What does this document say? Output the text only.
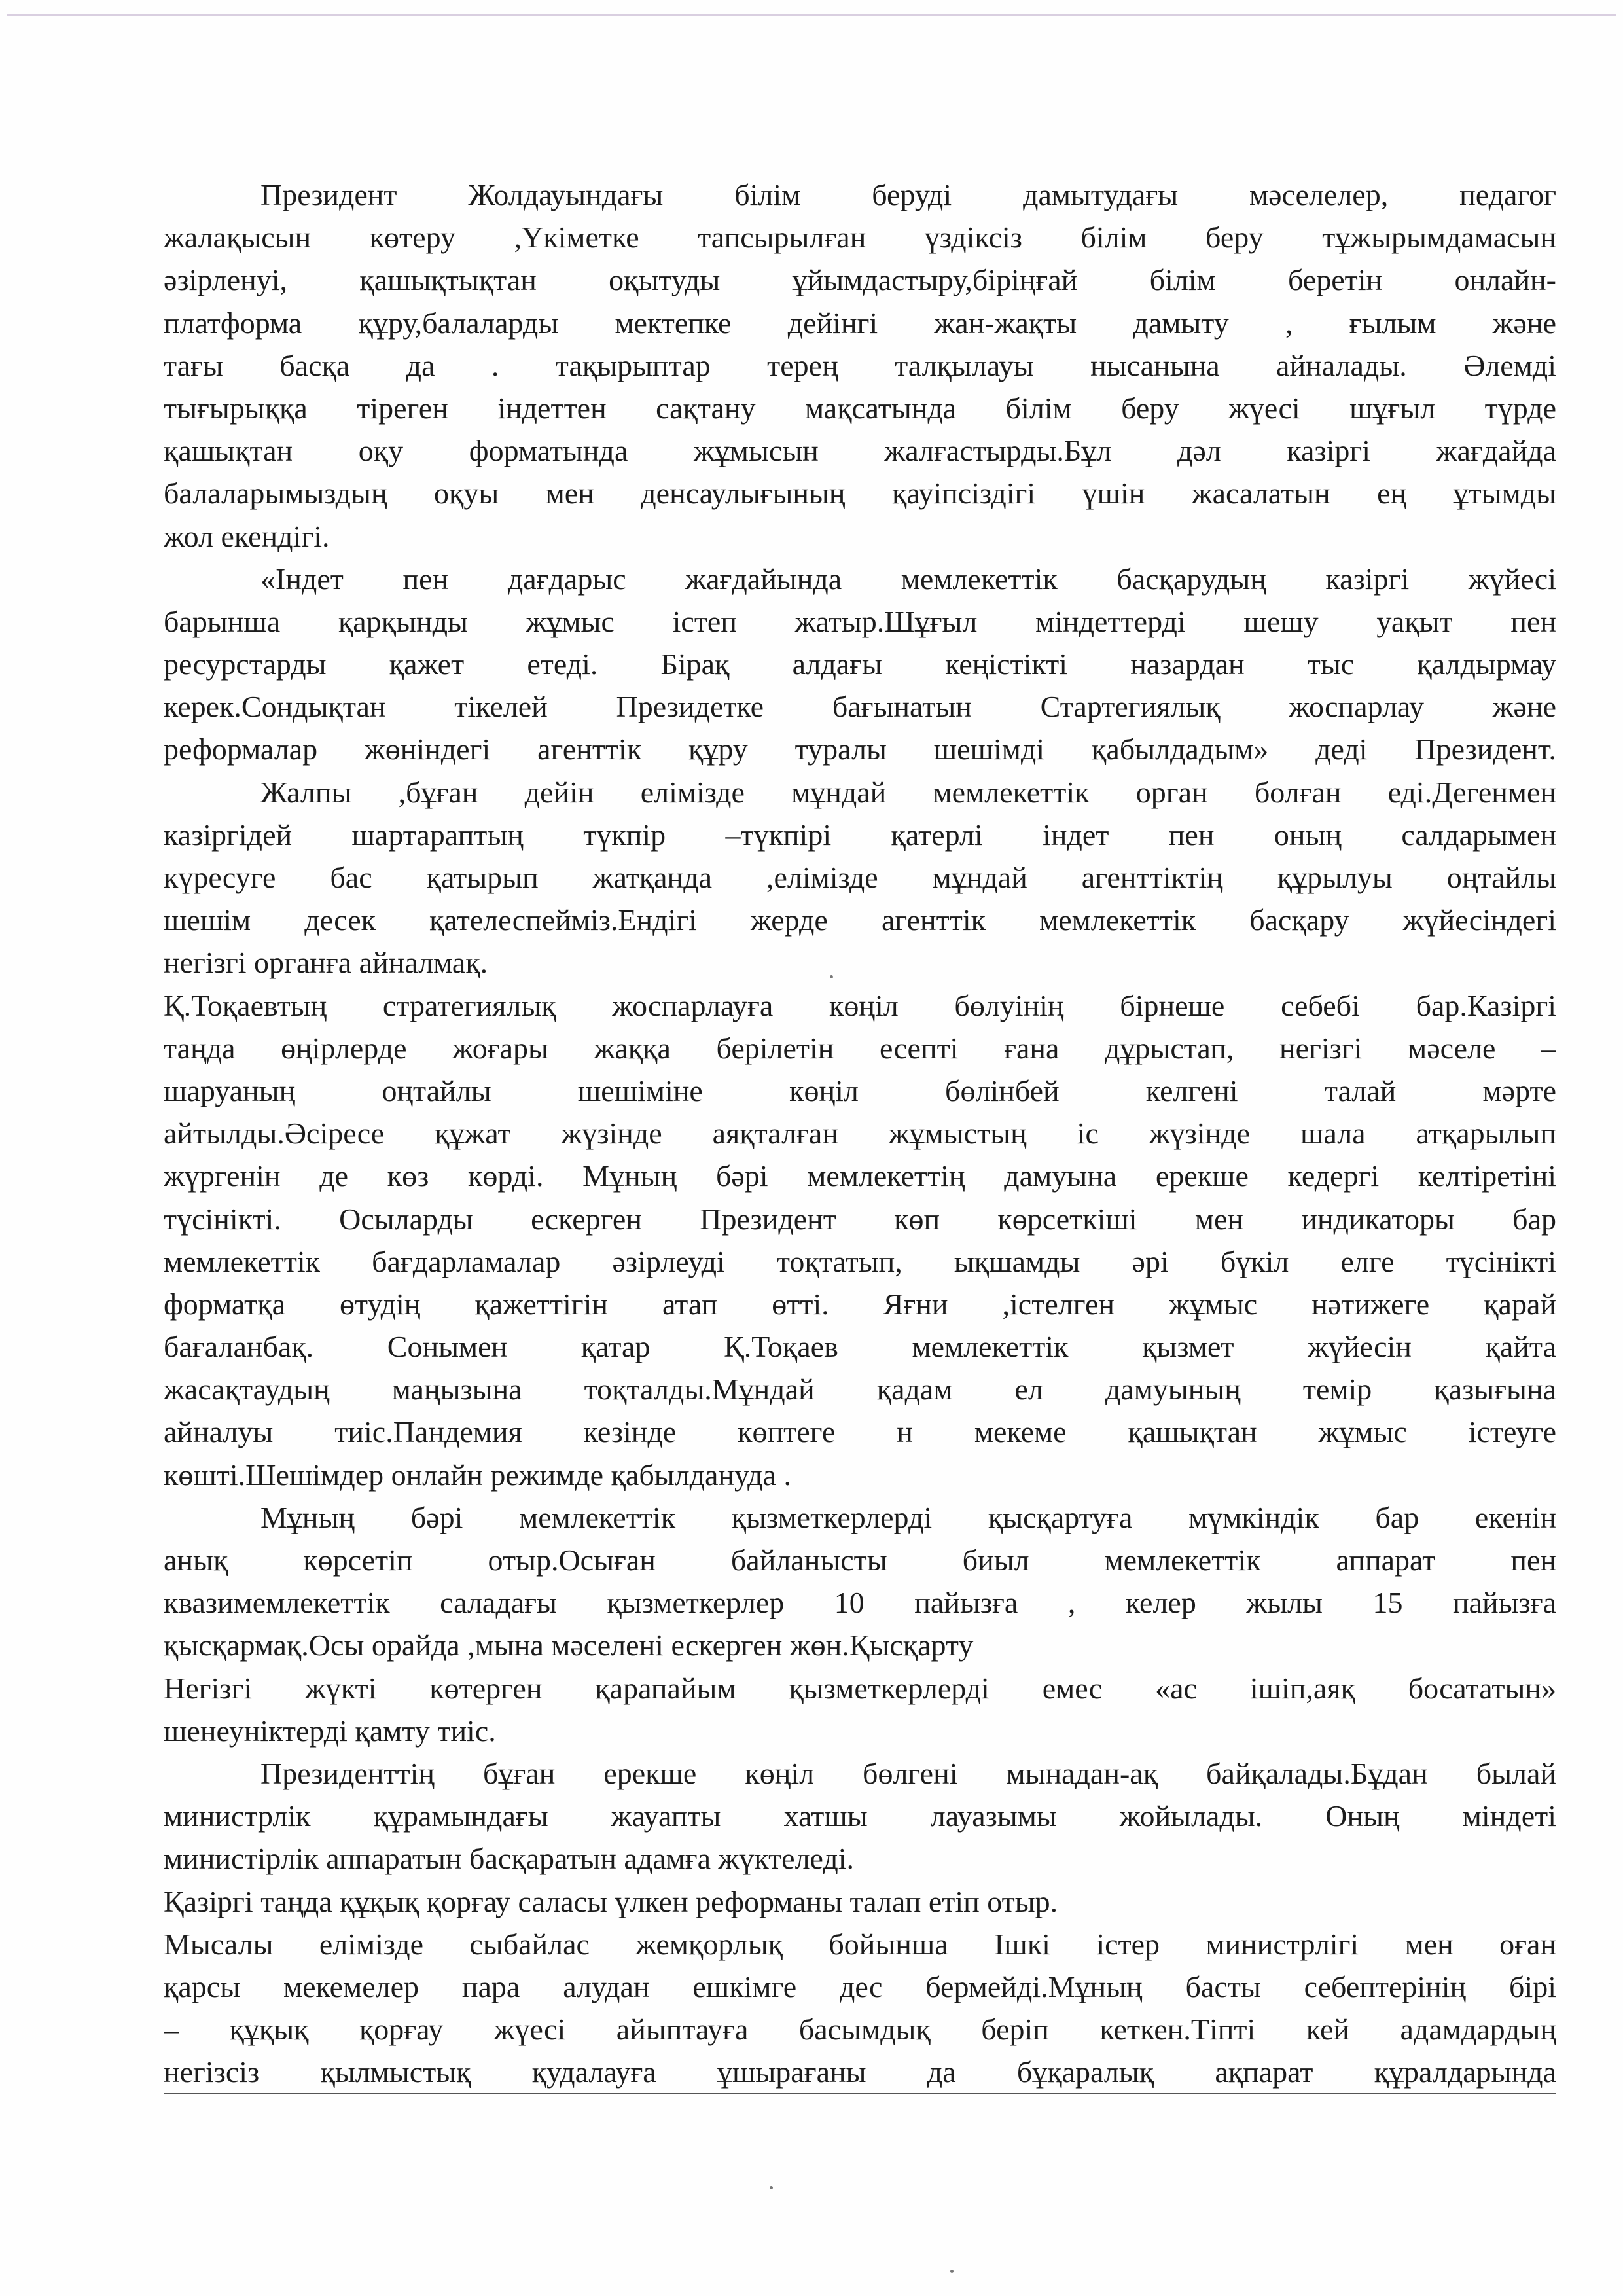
Президент Жолдауындағы білім беруді дамытудағы мәселелер, педагог
жалақысын көтеру ,Үкіметке тапсырылған үздіксіз білім беру тұжырымдамасын
әзірленуі, қашықтықтан оқытуды ұйымдастыру,біріңғай білім беретін онлайн-
платформа құру,балаларды мектепке дейінгі жан-жақты дамыту , ғылым және
тағы басқа да . тақырыптар терең талқылауы нысанына айналады. Әлемді
тығырыққа тіреген індеттен сақтану мақсатында білім беру жүесі шұғыл түрде
қашықтан оқу форматында жұмысын жалғастырды.Бұл дәл казіргі жағдайда
балаларымыздың оқуы мен денсаулығының қауіпсіздігі үшін жасалатын ең ұтымды
жол екендігі.
«Індет пен дағдарыс жағдайында мемлекеттік басқарудың казіргі жүйесі
барынша қарқынды жұмыс істеп жатыр.Шұғыл міндеттерді шешу уақыт пен
ресурстарды қажет етеді. Бірақ алдағы кеңістікті назардан тыс қалдырмау
керек.Сондықтан тікелей Президетке бағынатын Стартегиялық жоспарлау және
реформалар жөніндегі агенттік құру туралы шешімді қабылдадым» деді Президент.
Жалпы ,бұған дейін елімізде мұндай мемлекеттік орган болған еді.Дегенмен
казіргідей шартараптың түкпір –түкпірі қатерлі індет пен оның салдарымен
күресуге бас қатырып жатқанда ,елімізде мұндай агенттіктің құрылуы оңтайлы
шешім десек қателеспейміз.Ендігі жерде агенттік мемлекеттік басқару жүйесіндегі
негізгі органға айналмақ.
Қ.Тоқаевтың стратегиялық жоспарлауға көңіл бөлуінің бірнеше себебі бар.Казіргі
таңда өңірлерде жоғары жаққа берілетін есепті ғана дұрыстап, негізгі мәселе –
шаруаның оңтайлы шешіміне көңіл бөлінбей келгені талай мәрте
айтылды.Әсіресе құжат жүзінде аяқталған жұмыстың іс жүзінде шала атқарылып
жүргенін де көз көрді. Мұның бәрі мемлекеттің дамуына ерекше кедергі келтіретіні
түсінікті. Осыларды ескерген Президент көп көрсеткіші мен индикаторы бар
мемлекеттік бағдарламалар әзірлеуді тоқтатып, ықшамды әрі бүкіл елге түсінікті
форматқа өтудің қажеттігін атап өтті. Яғни ,істелген жұмыс нәтижеге қарай
бағаланбақ. Сонымен қатар Қ.Тоқаев мемлекеттік қызмет жүйесін қайта
жасақтаудың маңызына тоқталды.Мұндай қадам ел дамуының темір қазығына
айналуы тиіс.Пандемия кезінде көптеге н мекеме қашықтан жұмыс істеуге
көшті.Шешімдер онлайн режимде қабылданудa .
Мұның бәрі мемлекеттік қызметкерлерді қысқартуға мүмкіндік бар екенін
анық көрсетіп отыр.Осыған байланысты биыл мемлекеттік аппарат пен
квазимемлекеттік саладағы қызметкерлер 10 пайызға , келер жылы 15 пайызға
қысқармақ.Осы орайда ,мына мәселені ескерген жөн.Қысқарту
Негізгі жүкті көтерген қарапайым қызметкерлерді емес «ас ішіп,аяқ босататын»
шенеуніктерді қамту тиіс.
Президенттің бұған ерекше көңіл бөлгені мынадан-ақ байқалады.Бұдан былай
министрлік құрамындағы жауапты хатшы лауазымы жойылады. Оның міндеті
министірлік аппаратын басқаратын адамға жүктеледі.
Қазіргі таңда құқық қорғау саласы үлкен реформаны талап етіп отыр.
Мысалы елімізде сыбайлас жемқорлық бойынша Ішкі істер министрлігі мен оған
қарсы мекемелер пара алудан ешкімге дес бермейді.Мұның басты себептерінің бірі
– құқық қорғау жүесі айыптауға басымдық беріп кеткен.Тіпті кей адамдардың
негізсіз қылмыстық қудалауға ұшырағаны да бұқаралық ақпарат құралдарында
